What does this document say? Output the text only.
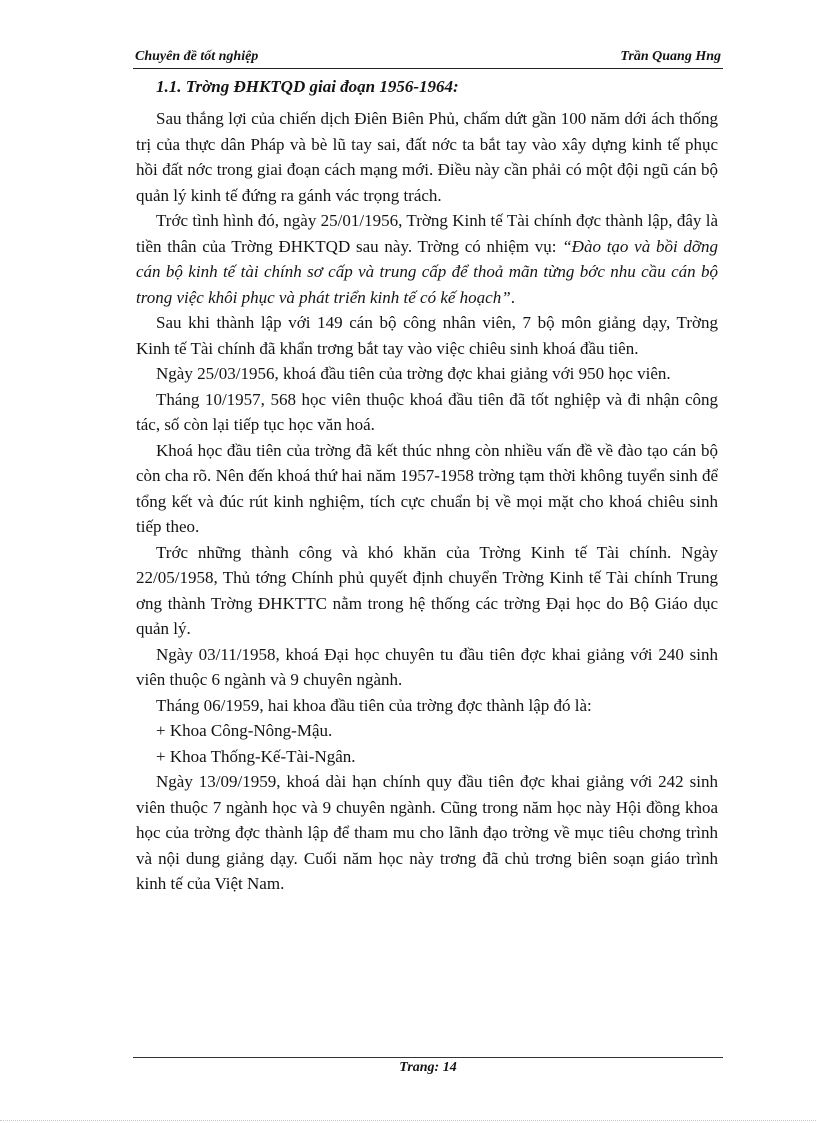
Chuyên đề tốt nghiệp	Trần Quang Hng
1.1. Trờng ĐHKTQD giai đoạn 1956-1964:

Sau thắng lợi của chiến dịch Điên Biên Phủ, chấm dứt gần 100 năm dới ách thống trị của thực dân Pháp và bè lũ tay sai, đất nớc ta bắt tay vào xây dựng kinh tế phục hồi đất nớc trong giai đoạn cách mạng mới. Điều này cần phải có một đội ngũ cán bộ quản lý kinh tế đứng ra gánh vác trọng trách.

Trớc tình hình đó, ngày 25/01/1956, Trờng Kinh tế Tài chính đợc thành lập, đây là tiền thân của Trờng ĐHKTQD sau này. Trờng có nhiệm vụ: “Đào tạo và bồi dỡng cán bộ kinh tế tài chính sơ cấp và trung cấp để thoả mãn từng bớc nhu cầu cán bộ trong việc khôi phục và phát triển kinh tế có kế hoạch”.

Sau khi thành lập với 149 cán bộ công nhân viên, 7 bộ môn giảng dạy, Trờng Kinh tế Tài chính đã khẩn trơng bắt tay vào việc chiêu sinh khoá đầu tiên.

Ngày 25/03/1956, khoá đầu tiên của trờng đợc khai giảng với 950 học viên.

Tháng 10/1957, 568 học viên thuộc khoá đầu tiên đã tốt nghiệp và đi nhận công tác, số còn lại tiếp tục học văn hoá.

Khoá học đầu tiên của trờng đã kết thúc nhng còn nhiều vấn đề về đào tạo cán bộ còn cha rõ. Nên đến khoá thứ hai năm 1957-1958 trờng tạm thời không tuyển sinh để tổng kết và đúc rút kinh nghiệm, tích cực chuẩn bị về mọi mặt cho khoá chiêu sinh tiếp theo.

Trớc những thành công và khó khăn của Trờng Kinh tế Tài chính. Ngày 22/05/1958, Thủ tớng Chính phủ quyết định chuyển Trờng Kinh tế Tài chính Trung ơng thành Trờng ĐHKTTC nằm trong hệ thống các trờng Đại học do Bộ Giáo dục quản lý.

Ngày 03/11/1958, khoá Đại học chuyên tu đầu tiên đợc khai giảng với 240 sinh viên thuộc 6 ngành và 9 chuyên ngành.

Tháng 06/1959, hai khoa đầu tiên của trờng đợc thành lập đó là:

+ Khoa Công-Nông-Mậu.

+ Khoa Thống-Kế-Tài-Ngân.

Ngày 13/09/1959, khoá dài hạn chính quy đầu tiên đợc khai giảng với 242 sinh viên thuộc 7 ngành học và 9 chuyên ngành. Cũng trong năm học này Hội đồng khoa học của trờng đợc thành lập để tham mu cho lãnh đạo trờng về mục tiêu chơng trình và nội dung giảng dạy. Cuối năm học này trơng đã chủ trơng biên soạn giáo trình kinh tế của Việt Nam.

Trang: 14
